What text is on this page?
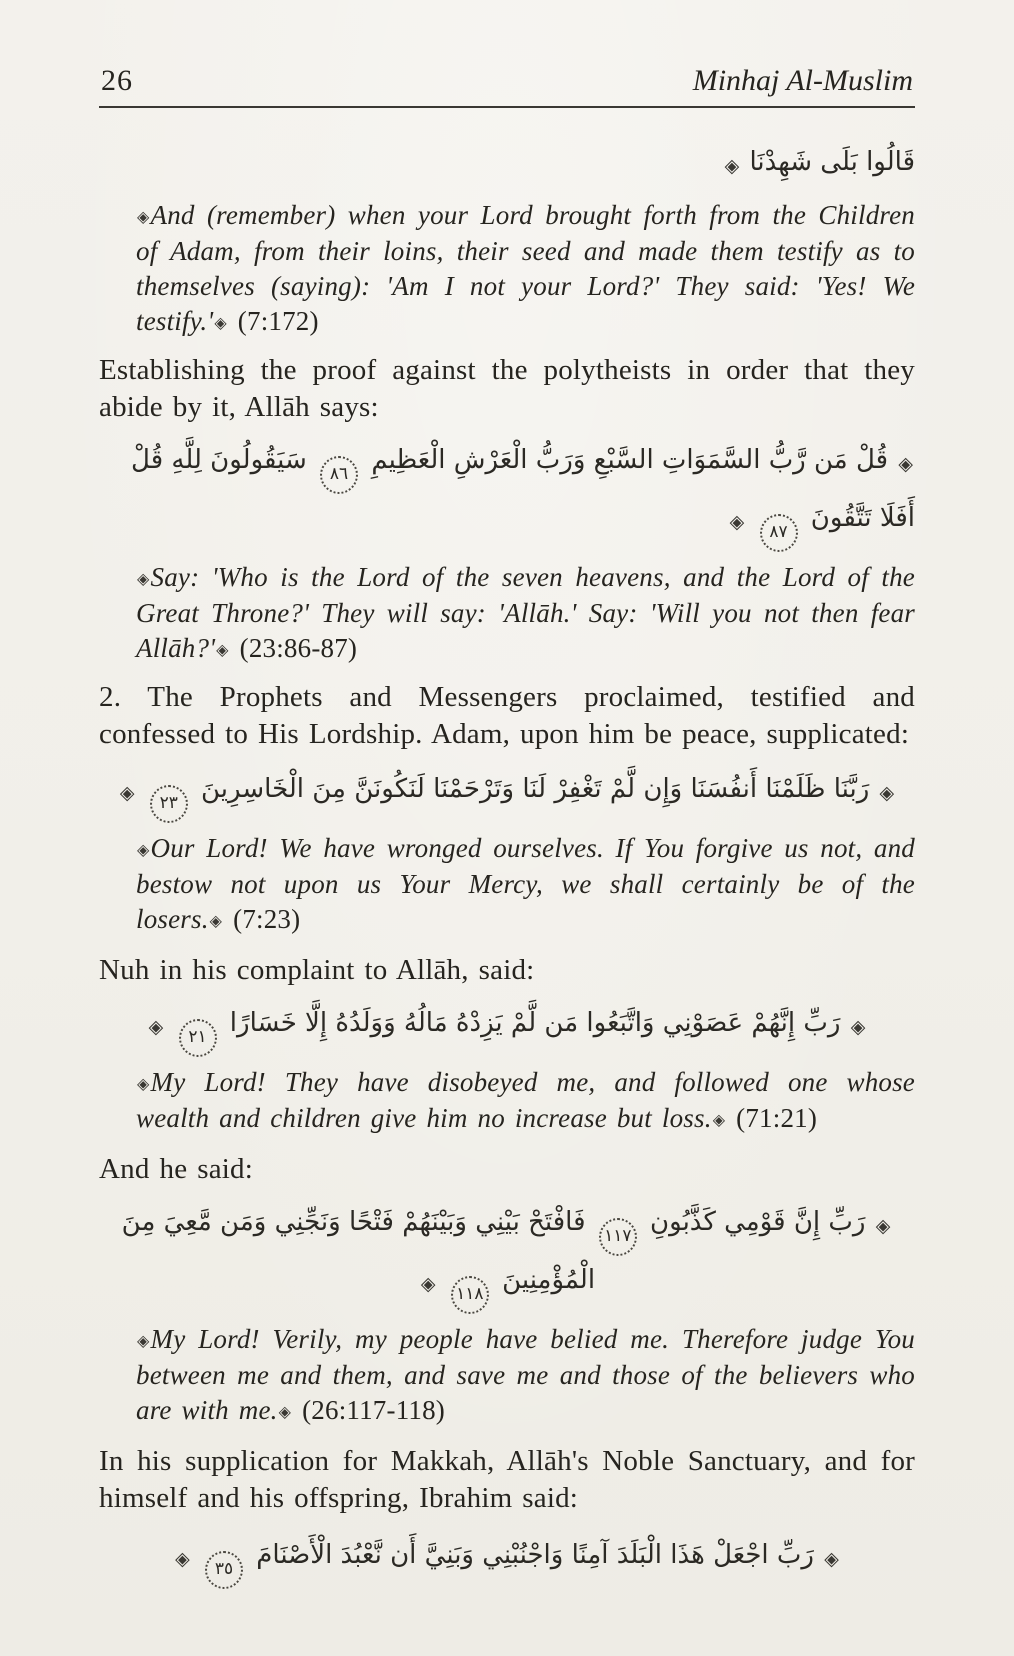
26	Minhaj Al-Muslim
قَالُوا بَلَى شَهِدْنَا ◈

◈And (remember) when your Lord brought forth from the Children of Adam, from their loins, their seed and made them testify as to themselves (saying): 'Am I not your Lord?' They said: 'Yes! We testify.'◈ (7:172)

Establishing the proof against the polytheists in order that they abide by it, Allāh says:

◈ قُلْ مَن رَّبُّ السَّمَوَاتِ السَّبْعِ وَرَبُّ الْعَرْشِ الْعَظِيمِ ٨٦ سَيَقُولُونَ لِلَّهِ قُلْ أَفَلَا تَتَّقُونَ ٨٧ ◈

◈Say: 'Who is the Lord of the seven heavens, and the Lord of the Great Throne?' They will say: 'Allāh.' Say: 'Will you not then fear Allāh?'◈ (23:86-87)

2. The Prophets and Messengers proclaimed, testified and confessed to His Lordship. Adam, upon him be peace, supplicated:

◈ رَبَّنَا ظَلَمْنَا أَنفُسَنَا وَإِن لَّمْ تَغْفِرْ لَنَا وَتَرْحَمْنَا لَنَكُونَنَّ مِنَ الْخَاسِرِينَ ٢٣ ◈

◈Our Lord! We have wronged ourselves. If You forgive us not, and bestow not upon us Your Mercy, we shall certainly be of the losers.◈ (7:23)

Nuh in his complaint to Allāh, said:

◈ رَبِّ إِنَّهُمْ عَصَوْنِي وَاتَّبَعُوا مَن لَّمْ يَزِدْهُ مَالُهُ وَوَلَدُهُ إِلَّا خَسَارًا ٢١ ◈

◈My Lord! They have disobeyed me, and followed one whose wealth and children give him no increase but loss.◈ (71:21)

And he said:

◈ رَبِّ إِنَّ قَوْمِي كَذَّبُونِ ١١٧ فَافْتَحْ بَيْنِي وَبَيْنَهُمْ فَتْحًا وَنَجِّنِي وَمَن مَّعِيَ مِنَ الْمُؤْمِنِينَ ١١٨ ◈

◈My Lord! Verily, my people have belied me. Therefore judge You between me and them, and save me and those of the believers who are with me.◈ (26:117-118)

In his supplication for Makkah, Allāh's Noble Sanctuary, and for himself and his offspring, Ibrahim said:

◈ رَبِّ اجْعَلْ هَذَا الْبَلَدَ آمِنًا وَاجْنُبْنِي وَبَنِيَّ أَن نَّعْبُدَ الْأَصْنَامَ ٣٥ ◈
